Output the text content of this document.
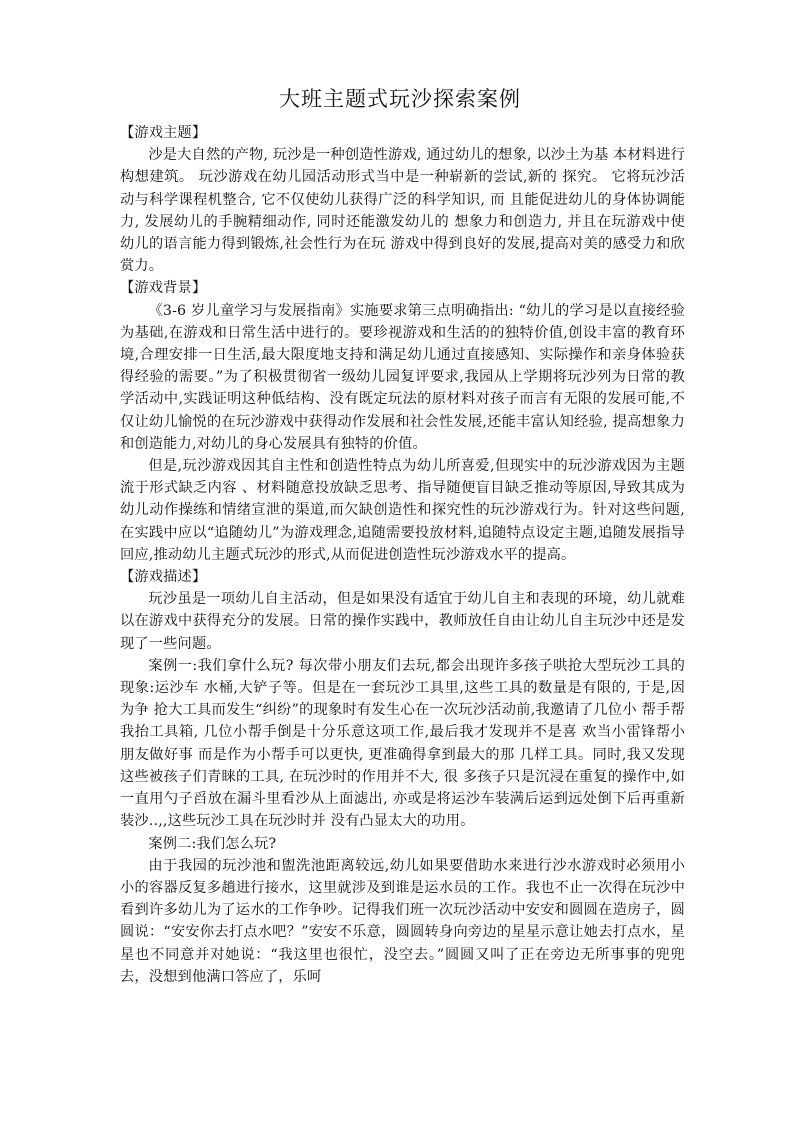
大班主题式玩沙探索案例

【游戏主题】

沙是大自然的产物, 玩沙是一种创造性游戏, 通过幼儿的想象, 以沙土为基 本材料进行构想建筑。 玩沙游戏在幼儿园活动形式当中是一种崭新的尝试,新的 探究。 它将玩沙活动与科学课程机整合, 它不仅使幼儿获得广泛的科学知识, 而 且能促进幼儿的身体协调能力, 发展幼儿的手腕精细动作, 同时还能激发幼儿的 想象力和创造力, 并且在玩游戏中使幼儿的语言能力得到锻炼,社会性行为在玩 游戏中得到良好的发展,提高对美的感受力和欣赏力。

【游戏背景】

《3-6 岁儿童学习与发展指南》实施要求第三点明确指出: “幼儿的学习是以直接经验为基础,在游戏和日常生活中进行的。要珍视游戏和生活的的独特价值,创设丰富的教育环境,合理安排一日生活,最大限度地支持和满足幼儿通过直接感知、实际操作和亲身体验获得经验的需要。”为了积极贯彻省一级幼儿园复评要求,我园从上学期将玩沙列为日常的教学活动中,实践证明这种低结构、没有既定玩法的原材料对孩子而言有无限的发展可能,不仅让幼儿愉悦的在玩沙游戏中获得动作发展和社会性发展,还能丰富认知经验, 提高想象力和创造能力,对幼儿的身心发展具有独特的价值。

但是,玩沙游戏因其自主性和创造性特点为幼儿所喜爱,但现实中的玩沙游戏因为主题流于形式缺乏内容 、材料随意投放缺乏思考、指导随便盲目缺乏推动等原因,导致其成为幼儿动作操练和情绪宣泄的渠道,而欠缺创造性和探究性的玩沙游戏行为。针对这些问题,在实践中应以“追随幼儿”为游戏理念,追随需要投放材料,追随特点设定主题,追随发展指导回应,推动幼儿主题式玩沙的形式,从而促进创造性玩沙游戏水平的提高。

【游戏描述】

玩沙虽是一项幼儿自主活动，但是如果没有适宜于幼儿自主和表现的环境，幼儿就难以在游戏中获得充分的发展。日常的操作实践中，教师放任自由让幼儿自主玩沙中还是发现了一些问题。

案例一:我们拿什么玩? 每次带小朋友们去玩,都会出现许多孩子哄抢大型玩沙工具的现象:运沙车 水桶,大铲子等。但是在一套玩沙工具里,这些工具的数量是有限的, 于是,因为争 抢大工具而发生“纠纷”的现象时有发生心在一次玩沙活动前,我邀请了几位小 帮手帮我抬工具箱, 几位小帮手倒是十分乐意这项工作,最后我才发现并不是喜 欢当小雷锋帮小朋友做好事 而是作为小帮手可以更快, 更准确得拿到最大的那 几样工具。同时,我又发现这些被孩子们青睐的工具, 在玩沙时的作用并不大, 很 多孩子只是沉浸在重复的操作中,如一直用勺子舀放在漏斗里看沙从上面滤出, 亦或是将运沙车装满后运到远处倒下后再重新装沙..,,这些玩沙工具在玩沙时并 没有凸显太大的功用。

案例二:我们怎么玩?

由于我园的玩沙池和盥洗池距离较远,幼儿如果要借助水来进行沙水游戏时必须用小小的容器反复多趟进行接水，这里就涉及到谁是运水员的工作。我也不止一次得在玩沙中看到许多幼儿为了运水的工作争吵。记得我们班一次玩沙活动中安安和圆圆在造房子，圆圆说：“安安你去打点水吧？”安安不乐意，圆圆转身向旁边的星星示意让她去打点水，星星也不同意并对她说：“我这里也很忙，没空去。”圆圆又叫了正在旁边无所事事的兜兜去，没想到他满口答应了，乐呵
